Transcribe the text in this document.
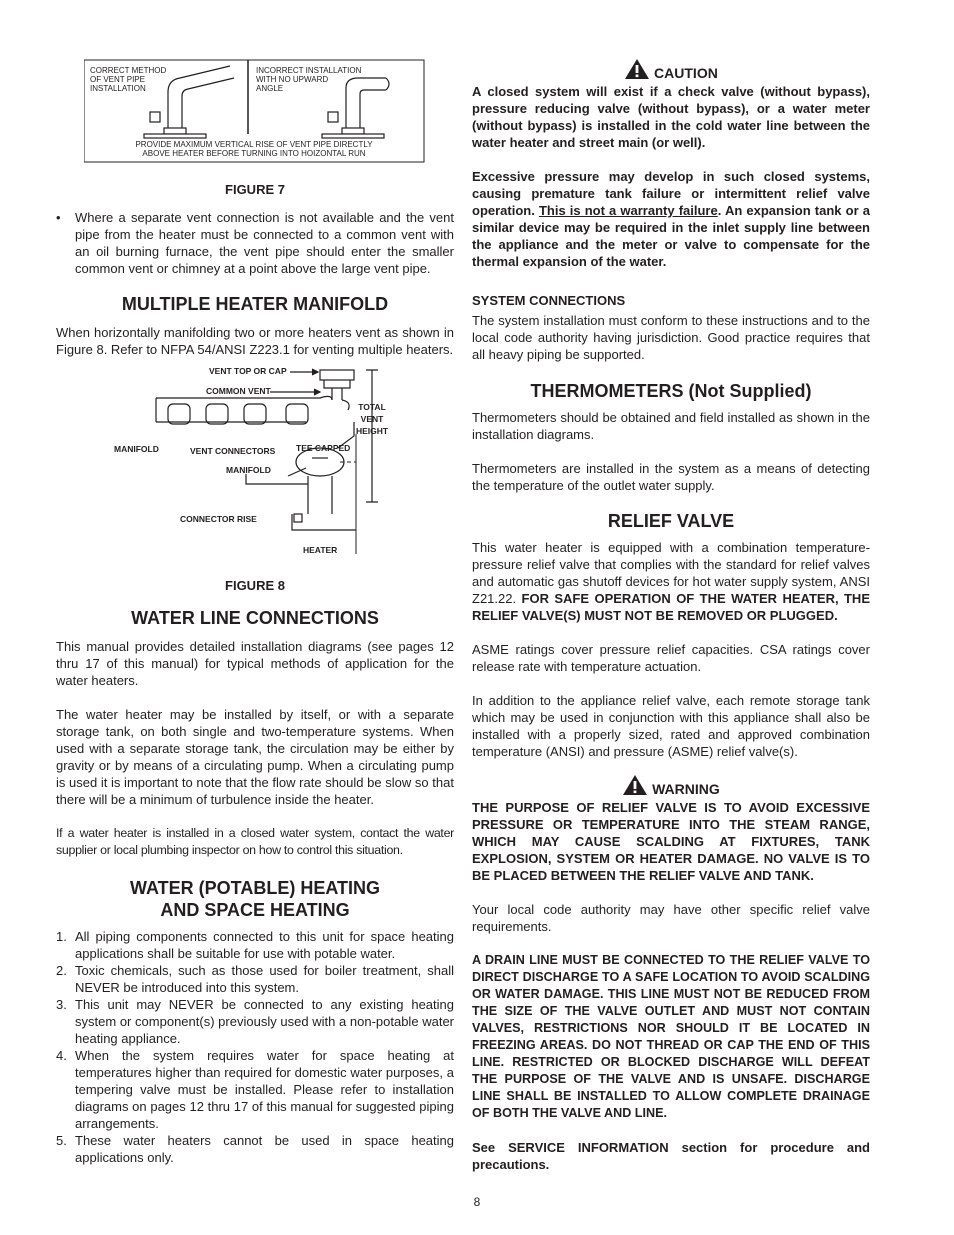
CORRECT METHOD
OF VENT PIPE
INSTALLATION
INCORRECT INSTALLATION
WITH NO UPWARD
ANGLE
PROVIDE MAXIMUM VERTICAL RISE OF VENT PIPE DIRECTLY
ABOVE HEATER BEFORE TURNING INTO HOIZONTAL RUN
FIGURE 7
•	Where a separate vent connection is not available and the vent pipe from the heater must be connected to a common vent with an oil burning furnace, the vent pipe should enter the smaller common vent or chimney at a point above the large vent pipe.
MULTIPLE HEATER MANIFOLD

When horizontally manifolding two or more heaters vent as shown in Figure 8. Refer to NFPA 54/ANSI Z223.1 for venting multiple heaters.

VENT TOP OR CAP
COMMON VENT
TOTAL
VENT
HEIGHT
MANIFOLD	VENT CONNECTORS TEE CAPPED
MANIFOLD
CONNECTOR RISE
HEATER
FIGURE 8
WATER LINE CONNECTIONS

This manual provides detailed installation diagrams (see pages 12 thru 17 of this manual) for typical methods of application for the water heaters.

The water heater may be installed by itself, or with a separate storage tank, on both single and two-temperature systems. When used with a separate storage tank, the circulation may be either by gravity or by means of a circulating pump. When a circulating pump is used it is important to note that the flow rate should be slow so that there will be a minimum of turbulence inside the heater.

If a water heater is installed in a closed water system, contact the water supplier or local plumbing inspector on how to control this situation.

WATER (POTABLE) HEATING
AND SPACE HEATING
1. All piping components connected to this unit for space heating applications shall be suitable for use with potable water.
2. Toxic chemicals, such as those used for boiler treatment, shall NEVER be introduced into this system.
3. This unit may NEVER be connected to any existing heating system or component(s) previously used with a non-potable water heating appliance.
4. When the system requires water for space heating at temperatures higher than required for domestic water purposes, a tempering valve must be installed. Please refer to installation diagrams on pages 12 thru 17 of this manual for suggested piping arrangements.
5. These water heaters cannot be used in space heating applications only.
CAUTION

A closed system will exist if a check valve (without bypass), pressure reducing valve (without bypass), or a water meter (without bypass) is installed in the cold water line between the water heater and street main (or well).

Excessive pressure may develop in such closed systems, causing premature tank failure or intermittent relief valve operation. This is not a warranty failure. An expansion tank or a similar device may be required in the inlet supply line between the appliance and the meter or valve to compensate for the thermal expansion of the water.

SYSTEM CONNECTIONS

The system installation must conform to these instructions and to the local code authority having jurisdiction. Good practice requires that all heavy piping be supported.

THERMOMETERS (Not Supplied)

Thermometers should be obtained and field installed as shown in the installation diagrams.

Thermometers are installed in the system as a means of detecting the temperature of the outlet water supply.

RELIEF VALVE

This water heater is equipped with a combination temperature-pressure relief valve that complies with the standard for relief valves and automatic gas shutoff devices for hot water supply system, ANSI Z21.22. FOR SAFE OPERATION OF THE WATER HEATER, THE RELIEF VALVE(S) MUST NOT BE REMOVED OR PLUGGED.

ASME ratings cover pressure relief capacities. CSA ratings cover release rate with temperature actuation.

In addition to the appliance relief valve, each remote storage tank which may be used in conjunction with this appliance shall also be installed with a properly sized, rated and approved combination temperature (ANSI) and pressure (ASME) relief valve(s).

WARNING

THE PURPOSE OF RELIEF VALVE IS TO AVOID EXCESSIVE PRESSURE OR TEMPERATURE INTO THE STEAM RANGE, WHICH MAY CAUSE SCALDING AT FIXTURES, TANK EXPLOSION, SYSTEM OR HEATER DAMAGE. NO VALVE IS TO BE PLACED BETWEEN THE RELIEF VALVE AND TANK.

Your local code authority may have other specific relief valve requirements.

A DRAIN LINE MUST BE CONNECTED TO THE RELIEF VALVE TO DIRECT DISCHARGE TO A SAFE LOCATION TO AVOID SCALDING OR WATER DAMAGE. THIS LINE MUST NOT BE REDUCED FROM THE SIZE OF THE VALVE OUTLET AND MUST NOT CONTAIN VALVES, RESTRICTIONS NOR SHOULD IT BE LOCATED IN FREEZING AREAS. DO NOT THREAD OR CAP THE END OF THIS LINE. RESTRICTED OR BLOCKED DISCHARGE WILL DEFEAT THE PURPOSE OF THE VALVE AND IS UNSAFE. DISCHARGE LINE SHALL BE INSTALLED TO ALLOW COMPLETE DRAINAGE OF BOTH THE VALVE AND LINE.

See SERVICE INFORMATION section for procedure and precautions.

8
